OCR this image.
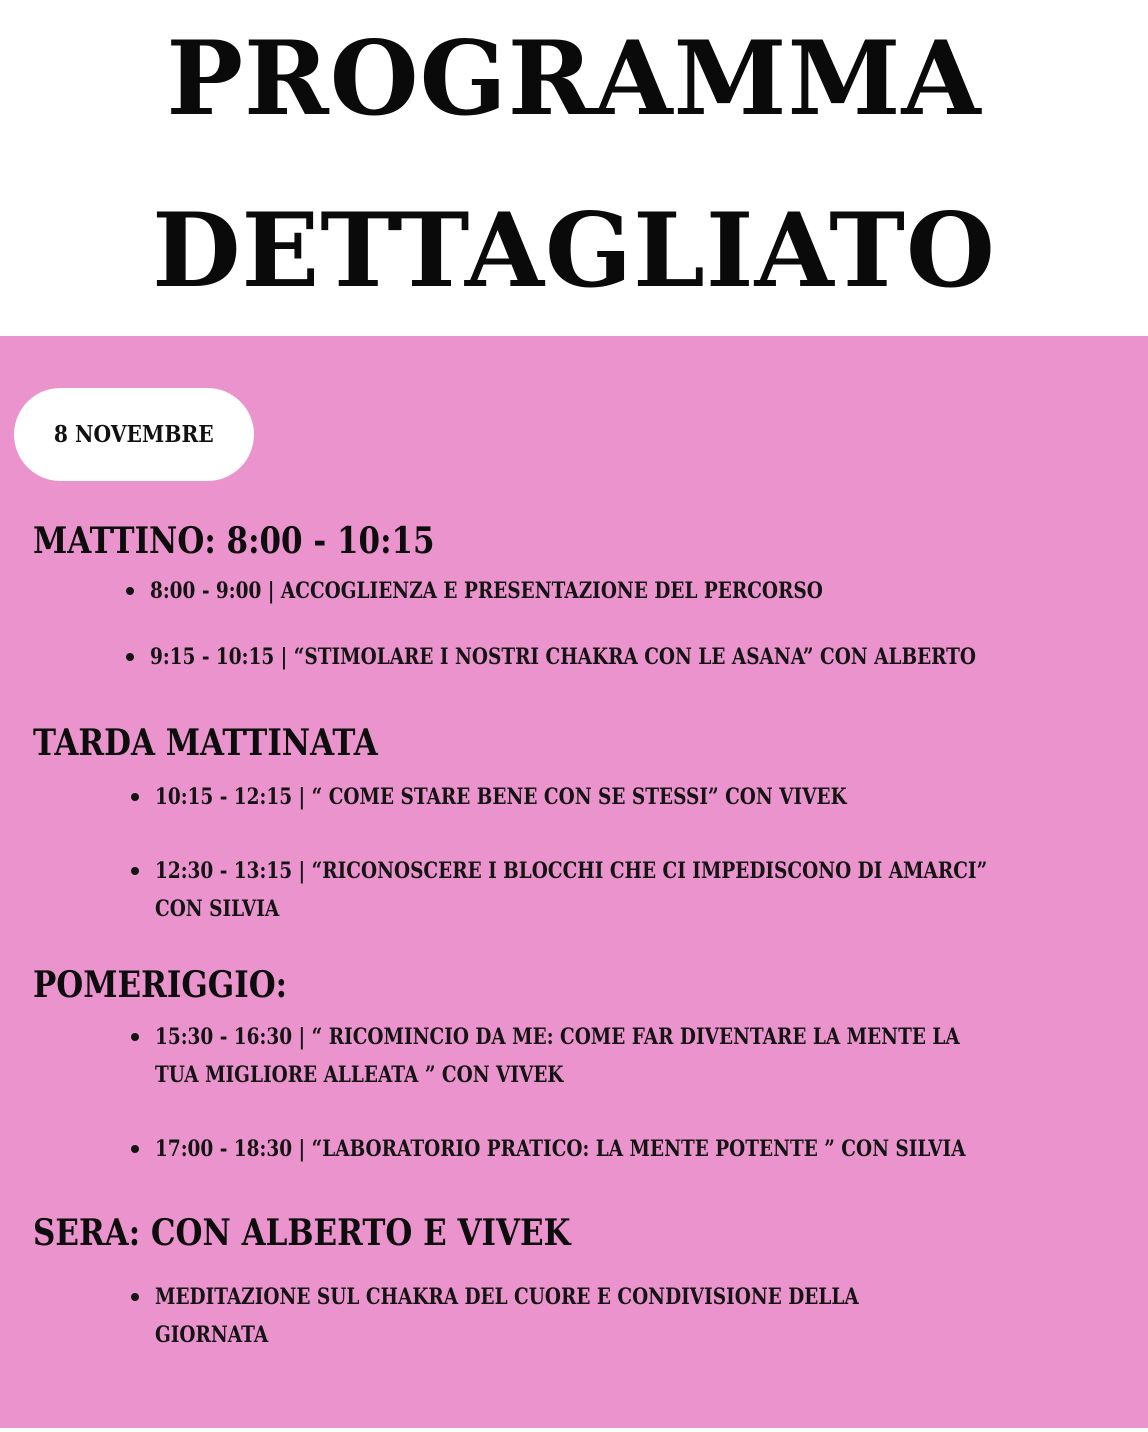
PROGRAMMA
DETTAGLIATO
8 NOVEMBRE
MATTINO: 8:00 - 10:15
8:00 - 9:00 | ACCOGLIENZA E PRESENTAZIONE DEL PERCORSO
9:15 - 10:15 | “STIMOLARE I NOSTRI CHAKRA CON LE ASANA” CON ALBERTO
TARDA MATTINATA
10:15 - 12:15 | “ COME STARE BENE CON SE STESSI” CON VIVEK
12:30 - 13:15 | “RICONOSCERE I BLOCCHI CHE CI IMPEDISCONO DI AMARCI”
CON SILVIA
POMERIGGIO:
15:30 - 16:30 | “ RICOMINCIO DA ME: COME FAR DIVENTARE LA MENTE LA
TUA MIGLIORE ALLEATA ” CON VIVEK
17:00 - 18:30 | “LABORATORIO PRATICO: LA MENTE POTENTE ” CON SILVIA
SERA: CON ALBERTO E VIVEK
MEDITAZIONE SUL CHAKRA DEL CUORE E CONDIVISIONE DELLA
GIORNATA
